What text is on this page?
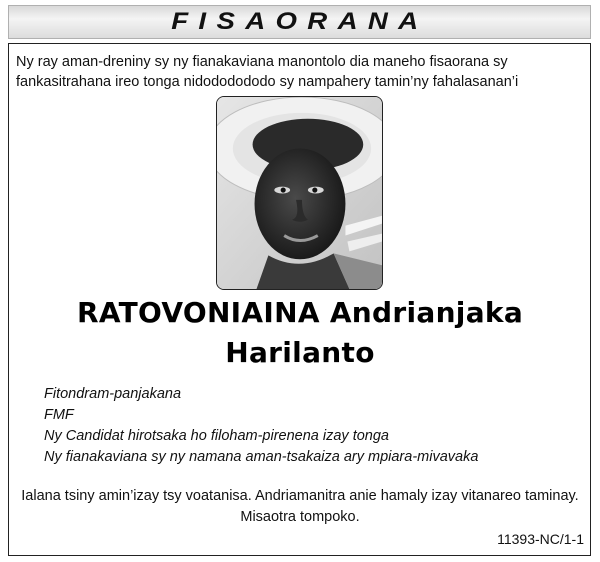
FISAORANA
Ny ray aman-dreniny sy ny fianakaviana manontolo dia maneho fisaorana sy fankasitrahana ireo tonga nidododododo sy nampahery tamin’ny fahalasanan’i
RATOVONIAINA Andrianjaka
Harilanto
Fitondram-panjakana
FMF
Ny Candidat hirotsaka ho filoham-pirenena izay tonga
Ny fianakaviana sy ny namana aman-tsakaiza ary mpiara-mivavaka
Ialana tsiny amin’izay tsy voatanisa. Andriamanitra anie hamaly izay vitanareo taminay.
Misaotra tompoko.
11393-NC/1-1
